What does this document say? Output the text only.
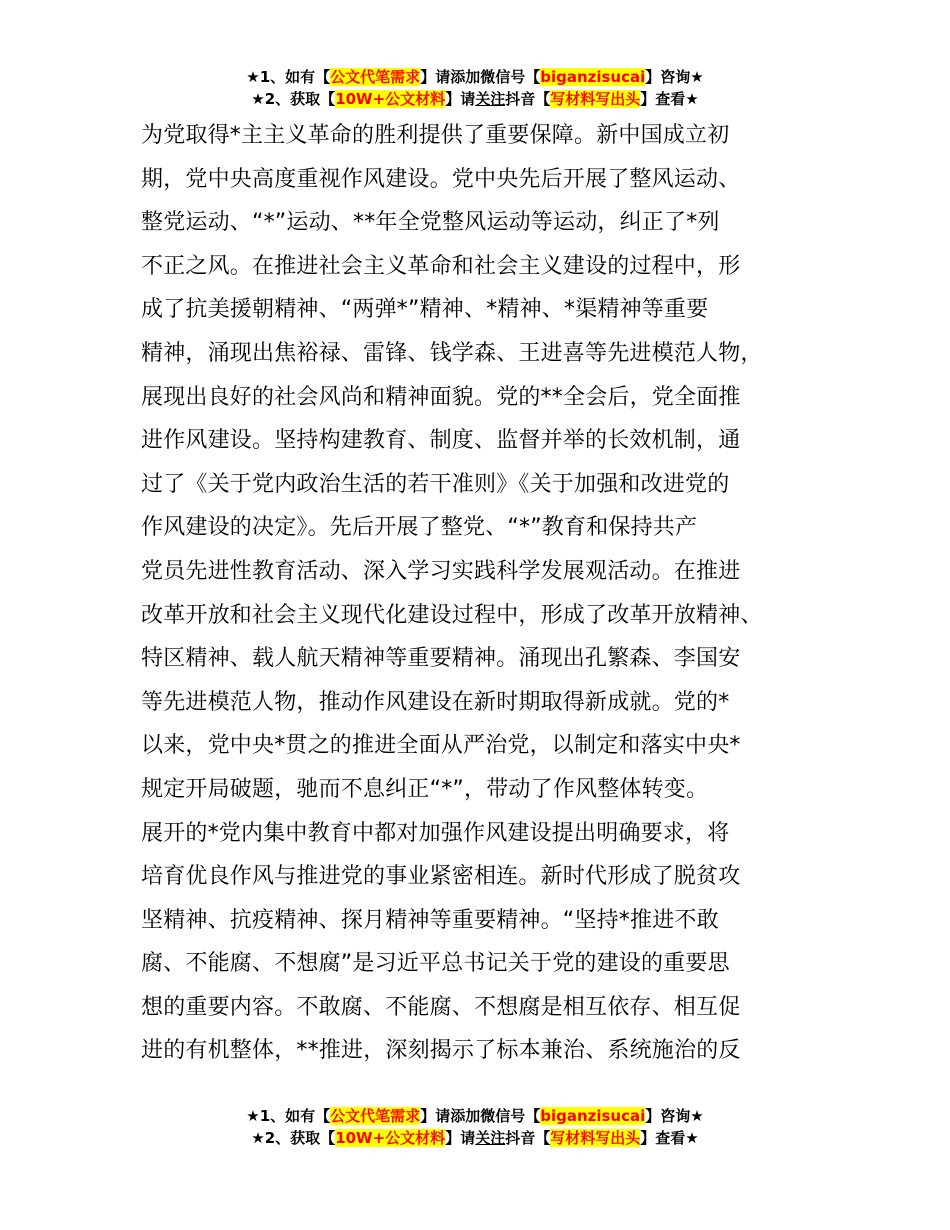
★1、如有【公文代笔需求】请添加微信号【biganzisucai】咨询★
★2、获取【10W+公文材料】请关注抖音【写材料写出头】查看★
为党取得*主主义革命的胜利提供了重要保障。新中国成立初
期，党中央高度重视作风建设。党中央先后开展了整风运动、
整党运动、“*”运动、**年全党整风运动等运动，纠正了*列
不正之风。在推进社会主义革命和社会主义建设的过程中，形
成了抗美援朝精神、“两弹*”精神、*精神、*渠精神等重要
精神，涌现出焦裕禄、雷锋、钱学森、王进喜等先进模范人物，
展现出良好的社会风尚和精神面貌。党的**全会后，党全面推
进作风建设。坚持构建教育、制度、监督并举的长效机制，通
过了《关于党内政治生活的若干准则》《关于加强和改进党的
作风建设的决定》。先后开展了整党、“*”教育和保持共产
党员先进性教育活动、深入学习实践科学发展观活动。在推进
改革开放和社会主义现代化建设过程中，形成了改革开放精神、
特区精神、载人航天精神等重要精神。涌现出孔繁森、李国安
等先进模范人物，推动作风建设在新时期取得新成就。党的*
以来，党中央*贯之的推进全面从严治党，以制定和落实中央*
规定开局破题，驰而不息纠正“*”，带动了作风整体转变。
展开的*党内集中教育中都对加强作风建设提出明确要求，将
培育优良作风与推进党的事业紧密相连。新时代形成了脱贫攻
坚精神、抗疫精神、探月精神等重要精神。“坚持*推进不敢
腐、不能腐、不想腐”是习近平总书记关于党的建设的重要思
想的重要内容。不敢腐、不能腐、不想腐是相互依存、相互促
进的有机整体，**推进，深刻揭示了标本兼治、系统施治的反
★1、如有【公文代笔需求】请添加微信号【biganzisucai】咨询★
★2、获取【10W+公文材料】请关注抖音【写材料写出头】查看★
